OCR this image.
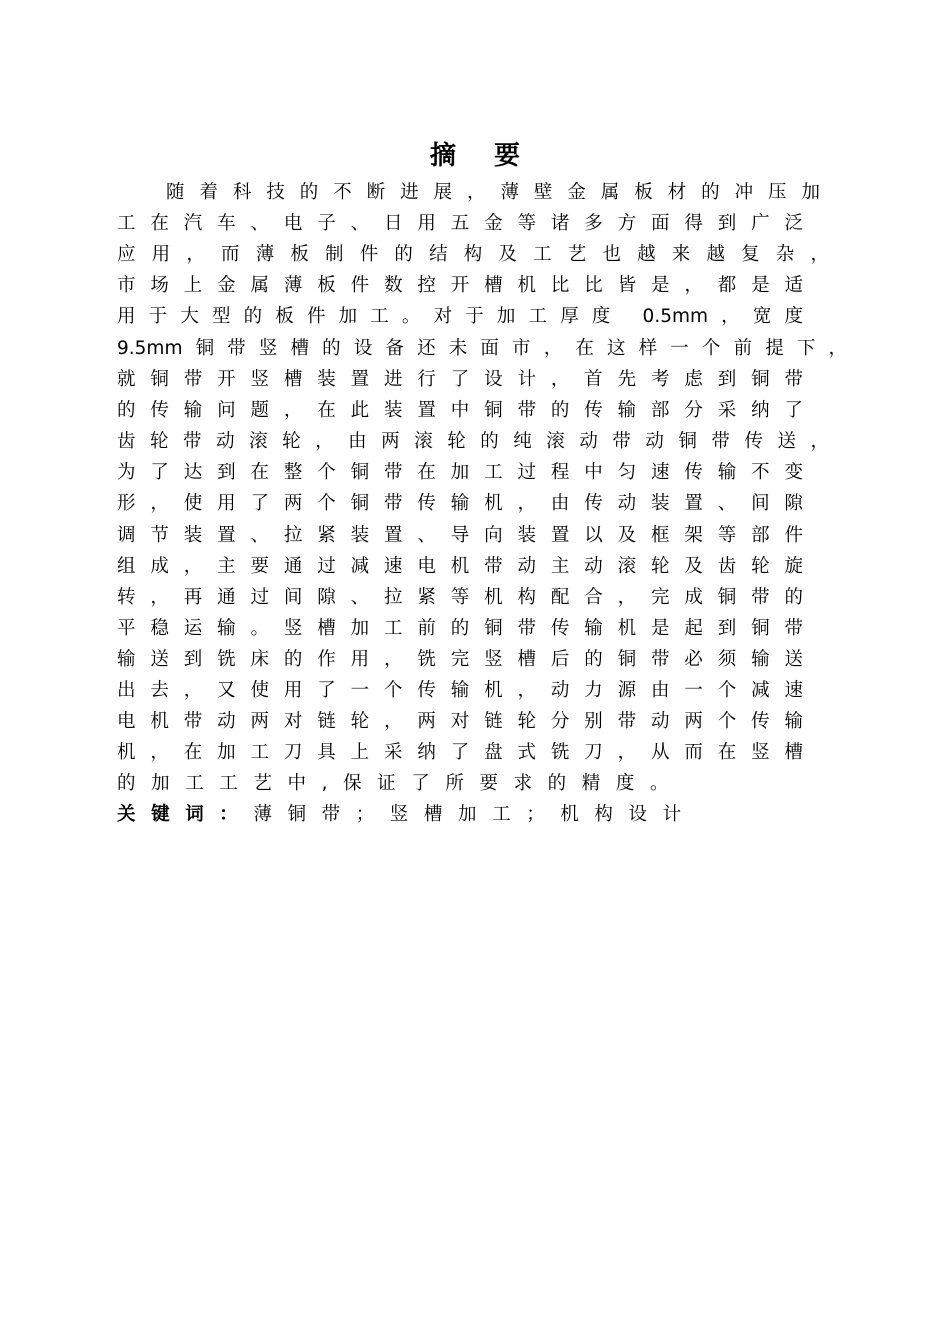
摘要
随着科技的不断进展，薄壁金属板材的冲压加
工在汽车、电子、日用五金等诸多方面得到广泛
应用，而薄板制件的结构及工艺也越来越复杂，
市场上金属薄板件数控开槽机比比皆是，都是适
用于大型的板件加工。对于加工厚度 0.5mm，宽度
9.5mm铜带竖槽的设备还未面市，在这样一个前提下，
就铜带开竖槽装置进行了设计，首先考虑到铜带
的传输问题，在此装置中铜带的传输部分采纳了
齿轮带动滚轮，由两滚轮的纯滚动带动铜带传送，
为了达到在整个铜带在加工过程中匀速传输不变
形，使用了两个铜带传输机，由传动装置、间隙
调节装置、拉紧装置、导向装置以及框架等部件
组成，主要通过减速电机带动主动滚轮及齿轮旋
转，再通过间隙、拉紧等机构配合，完成铜带的
平稳运输。竖槽加工前的铜带传输机是起到铜带
输送到铣床的作用，铣完竖槽后的铜带必须输送
出去，又使用了一个传输机，动力源由一个减速
电机带动两对链轮，两对链轮分别带动两个传输
机，在加工刀具上采纳了盘式铣刀，从而在竖槽
的加工工艺中,保证了所要求的精度。
关键词：薄铜带；竖槽加工；机构设计
